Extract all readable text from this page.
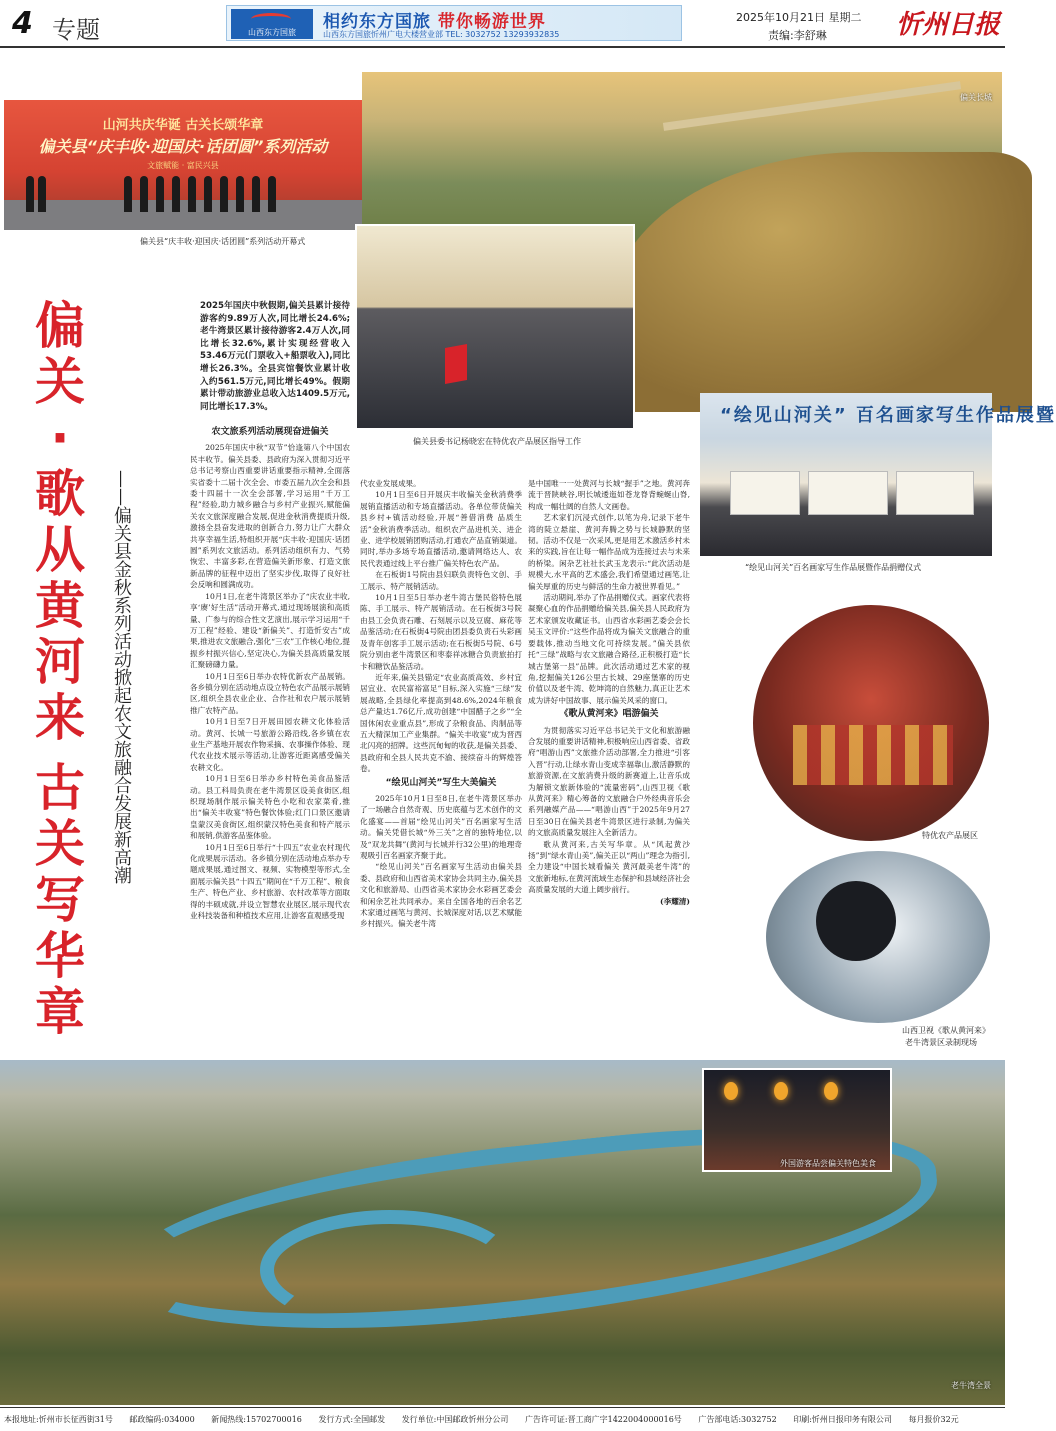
4 专题	山西东方国旅
相约东方国旅 带你畅游世界
山西东方国旅忻州广电大楼营业部 TEL: 3032752 13293932835
2025年10月21日 星期二
责编:李舒琳	忻州日报
山河共庆华诞 古关长颂华章
偏关县“庆丰收·迎国庆·话团圆”系列活动
文旅赋能 · 富民兴县
偏关县“庆丰收·迎国庆·话团圆”系列活动开幕式
偏关长城
偏关县委书记杨晓宏在特优农产品展区指导工作
“绘见山河关” 百名画家写生作品展暨
“绘见山河关”百名画家写生作品展暨作品捐赠仪式
特优农产品展区
山西卫视《歌从黄河来》
老牛湾景区录制现场
偏
关
·
歌
从
黄
河
来
古
关
写
华
章
——偏关县金秋系列活动掀起农文旅融合发展新高潮
2025年国庆中秋假期,偏关县累计接待游客约9.89万人次,同比增长24.6%;老牛湾景区累计接待游客2.4万人次,同比增长32.6%,累计实现经营收入53.46万元(门票收入+船票收入),同比增长26.3%。全县宾馆餐饮业累计收入约561.5万元,同比增长49%。假期累计带动旅游业总收入达1409.5万元,同比增长17.3%。
农文旅系列活动展现奋进偏关

2025年国庆中秋“双节”恰逢第八个中国农民丰收节。偏关县委、县政府为深入贯彻习近平总书记考察山西重要讲话重要指示精神,全面落实省委十二届十次全会、市委五届九次全会和县委十四届十一次全会部署,学习运用“千万工程”经验,助力城乡融合与乡村产业振兴,赋能偏关农文旅深度融合发展,促进金秋消费提质升级,激扬全县奋发进取的创新合力,努力让广大群众共享幸福生活,特组织开展“庆丰收·迎国庆·话团圆”系列农文旅活动。系列活动组织有力、气势恢宏、丰富多彩,在营造偏关新形象、打造文旅新品牌的征程中迈出了坚实步伐,取得了良好社会反响和圆满成功。

10月1日,在老牛湾景区举办了“庆农业丰收,享‘赓’好生活”活动开幕式,通过现场展演和高质量、广参与的综合性文艺演出,展示学习运用“千万工程”经验、建设“新偏关”、打造忻安古”成果,推进农文旅融合,强化“三农”工作核心地位,提振乡村振兴信心,坚定决心,为偏关县高质量发展汇聚磅礴力量。

10月1日至6日举办农特优新农产品展销。各乡镇分别在活动地点设立特色农产品展示展销区,组织全县农业企业、合作社和农户展示展销推广农特产品。

10月1日至7日开展田园农耕文化体验活动。黄河、长城一号旅游公路沿线,各乡镇在农业生产基地开展农作物采摘、农事操作体验、现代农业技术展示等活动,让游客近距离感受偏关农耕文化。

10月1日至6日举办乡村特色美食品鉴活动。县工科局负责在老牛湾景区设美食街区,组织现场制作展示偏关特色小吃和农家菜肴,推出“偏关丰收宴”特色餐饮体验;红门口景区邀请皇蒙汉美食街区,组织蒙汉特色美食和特产展示和展销,供游客品鉴体验。

10月1日至6日举行“十四五”农业农村现代化成果展示活动。各乡镇分别在活动地点举办专题成果展,通过图文、视频、实物模型等形式,全面展示偏关县“十四五”期间在“千万工程”、粮食生产、特色产业、乡村旅游、农村改革等方面取得的丰硕成就,并设立智慧农业展区,展示现代农业科技装备和种植技术应用,让游客直观感受现

代农业发展成果。

10月1日至6日开展庆丰收偏关金秋消费季展销直播活动和专场直播活动。各单位带货偏关县乡村+镇活动经验,开展“善借消费 品质生活”金秋消费季活动。组织农产品进机关、进企业、进学校展销团购活动,打通农产品直销渠道。同时,举办多场专场直播活动,邀请网络达人、农民代表通过线上平台推广偏关特色农产品。

在石板街1号院由县妇联负责特色文创、手工展示、特产展销活动。

10月1日至5日举办老牛湾古堡民俗特色展陈、手工展示、特产展销活动。在石板街3号院由县工会负责石雕、石刻展示以及豆腐、麻花等品鉴活动;在石板街4号院由团县委负责石头彩画及青年创客手工展示活动;在石板街5号院、6号院分别由老牛湾景区和枣泰祥冰糖合负责旅拍打卡和糖饮品鉴活动。

近年来,偏关县锚定“农业高质高效、乡村宜居宜业、农民富裕富足”目标,深入实施“三绿”发展战略,全县绿化率提高到48.6%,2024年粮食总产量达1.76亿斤,成功创建“中国醋子之乡”“全国休闲农业重点县”,形成了杂粮食品、肉制品等五大精深加工产业集群。“偏关丰收宴”成为晋西北闪亮的招牌。这些沉甸甸的收获,是偏关县委、县政府和全县人民共克不渝、接续奋斗的辉煌答卷。

“绘见山河关”写生大美偏关

2025年10月1日至8日,在老牛湾景区举办了一场融合自然奇观、历史底蕴与艺术创作的文化盛宴——首届“绘见山河关”百名画家写生活动。偏关凭借长城“外三关”之首的独特地位,以及“双龙共舞”(黄河与长城并行32公里)的地理奇观吸引百名画家齐聚于此。

“绘见山河关”百名画家写生活动由偏关县委、县政府和山西省美术家协会共同主办,偏关县文化和旅游局、山西省美术家协会水彩画艺委会和闲余艺社共同承办。来自全国各地的百余名艺术家通过画笔与黄河、长城深度对话,以艺术赋能乡村振兴。偏关老牛湾

是中国唯一一处黄河与长城“握手”之地。黄河奔流于晋陕峡谷,明长城逶迤如苍龙脊背蜿蜒山脊,构成一幅壮阔的自然人文画卷。

艺术家们沉浸式创作,以笔为舟,记录下老牛湾的陡立悬崖、黄河奔腾之势与长城静默的坚韧。活动不仅是一次采风,更是用艺术激活乡村未来的实践,旨在让每一幅作品成为连接过去与未来的桥梁。闲杂艺社社长武玉龙表示:“此次活动是规模大,水平高的艺术盛会,我们希望通过画笔,让偏关厚重的历史与鲜活的生命力被世界看见。”

活动期间,举办了作品捐赠仪式。画家代表将凝聚心血的作品捐赠给偏关县,偏关县人民政府为艺术家颁发收藏证书。山西省水彩画艺委会会长吴玉文评价:“这些作品将成为偏关文旅融合的重要载体,推动当地文化可持续发展。”偏关县依托“三绿”战略与农文旅融合路径,正积极打造“长城古堡第一县”品牌。此次活动通过艺术家的视角,挖掘偏关126公里古长城、29座堡寨的历史价值以及老牛湾、乾坤湾的自然魅力,真正让艺术成为讲好中国故事、展示偏关风采的窗口。

《歌从黄河来》唱游偏关

为贯彻落实习近平总书记关于文化和旅游融合发展的重要讲话精神,积极响应山西省委、省政府“唱游山西”文旅推介活动部署,全力推进“引客入晋”行动,让绿水青山变成幸福靠山,激活静默的旅游资源,在文旅消费升级的新赛道上,让音乐成为解锁文旅新体验的“流量密码”,山西卫视《歌从黄河来》精心筹备的文旅融合户外经典音乐会系列融媒产品——“唱游山西”于2025年9月27日至30日在偏关县老牛湾景区进行录制,为偏关的文旅高质量发展注入全新活力。

歌从黄河来,古关写华章。从“风起黄沙扬”到“绿水青山美”,偏关正以“两山”理念为指引,全力建设“中国长城看偏关 黄河最美老牛湾”的文旅新地标,在黄河流域生态保护和县域经济社会高质量发展的大道上阔步前行。

(李耀清)

老牛湾全景
外国游客品尝偏关特色美食
本报地址:忻州市长征西街31号 邮政编码:034000 新闻热线:15702700016 发行方式:全国邮发 发行单位:中国邮政忻州分公司 广告许可证:晋工商广字1422004000016号 广告部电话:3032752 印刷:忻州日报印务有限公司 每月报价32元
